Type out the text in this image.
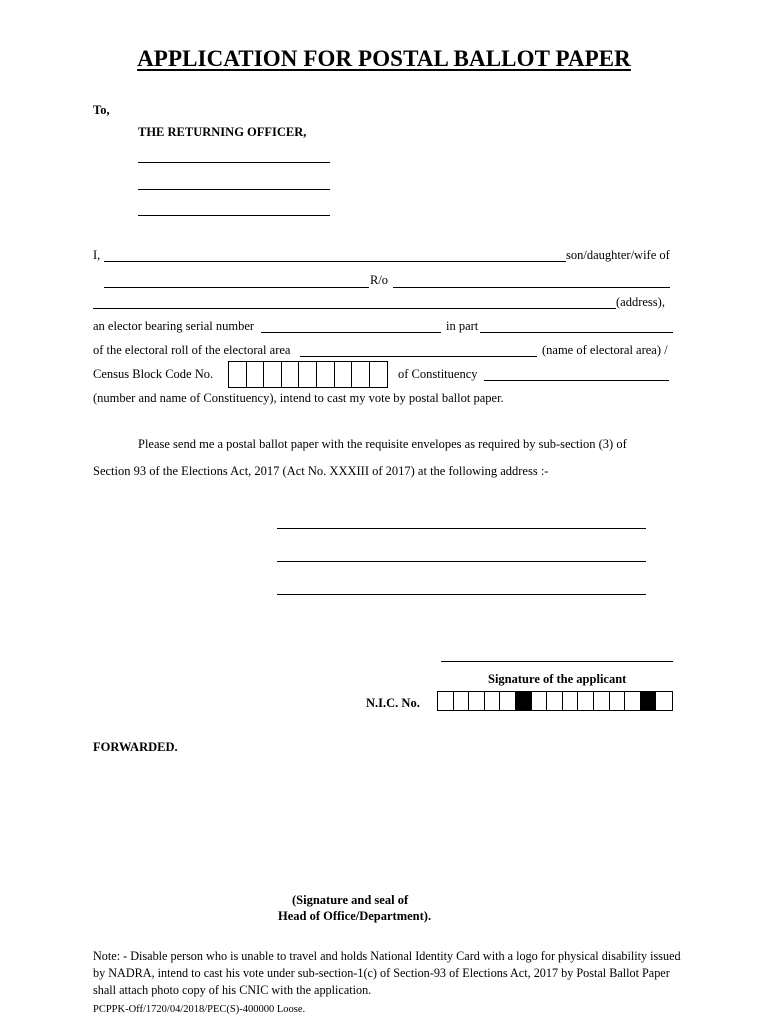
APPLICATION FOR POSTAL BALLOT PAPER
To,
THE RETURNING OFFICER,
I,	son/daughter/wife of
R/o
(address),
an elector bearing serial number	in part
of the electoral roll of the electoral area	(name of electoral area) /
Census Block Code No.	of Constituency
(number and name of Constituency), intend to cast my vote by postal ballot paper.
Please send me a postal ballot paper with the requisite envelopes as required by sub-section (3) of
Section 93 of the Elections Act, 2017 (Act No. XXXIII of 2017) at the following address :-
Signature of the applicant
N.I.C. No.
FORWARDED.
(Signature and seal of
Head of Office/Department).
Note: - Disable person who is unable to travel and holds National Identity Card with a logo for physical disability issued by NADRA, intend to cast his vote under sub-section-1(c) of Section-93 of Elections Act, 2017 by Postal Ballot Paper shall attach photo copy of his CNIC with the application.
PCPPK-Off/1720/04/2018/PEC(S)-400000 Loose.
